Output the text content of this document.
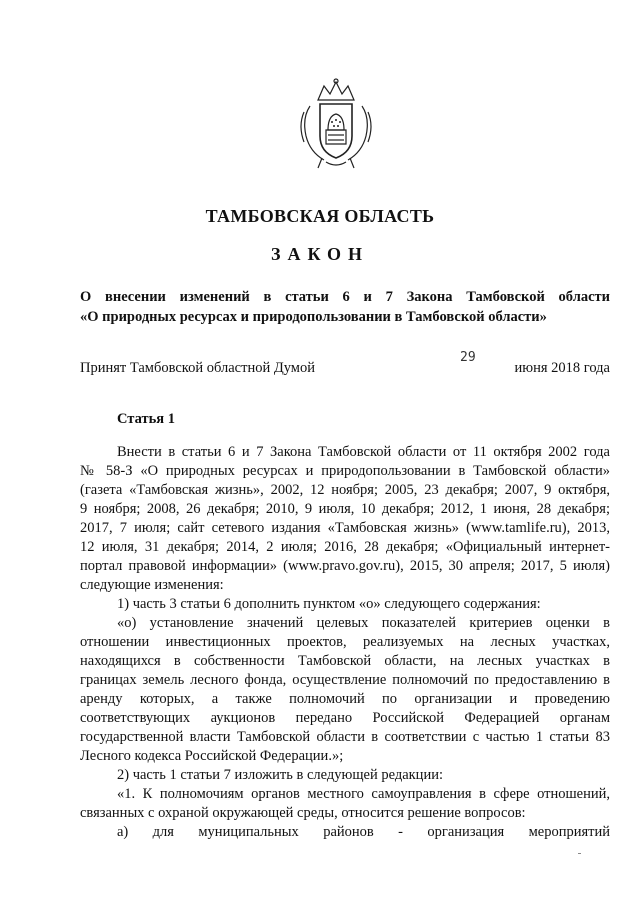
ТАМБОВСКАЯ ОБЛАСТЬ
ЗАКОН
О внесении изменений в статьи 6 и 7 Закона Тамбовской области
«О природных ресурсах и природопользовании в Тамбовской области»
Принят Тамбовской областной Думой
29
июня 2018 года
Статья 1
Внести в статьи 6 и 7 Закона Тамбовской области от 11 октября 2002 года
№ 58-З «О природных ресурсах и природопользовании в Тамбовской области»
(газета «Тамбовская жизнь», 2002, 12 ноября; 2005, 23 декабря; 2007, 9 октября,
9 ноября; 2008, 26 декабря; 2010, 9 июля, 10 декабря; 2012, 1 июня, 28 декабря;
2017, 7 июля; сайт сетевого издания «Тамбовская жизнь» (www.tamlife.ru), 2013,
12 июля, 31 декабря; 2014, 2 июля; 2016, 28 декабря; «Официальный интернет-
портал правовой информации» (www.pravo.gov.ru), 2015, 30 апреля; 2017, 5 июля)
следующие изменения:
1) часть 3 статьи 6 дополнить пунктом «о» следующего содержания:
«о) установление значений целевых показателей критериев оценки в
отношении инвестиционных проектов, реализуемых на лесных участках,
находящихся в собственности Тамбовской области, на лесных участках в
границах земель лесного фонда, осуществление полномочий по предоставлению в
аренду которых, а также полномочий по организации и проведению
соответствующих аукционов передано Российской Федерацией органам
государственной власти Тамбовской области в соответствии с частью 1 статьи 83
Лесного кодекса Российской Федерации.»;
2) часть 1 статьи 7 изложить в следующей редакции:
«1. К полномочиям органов местного самоуправления в сфере отношений,
связанных с охраной окружающей среды, относится решение вопросов:
а) для муниципальных районов - организация мероприятий
